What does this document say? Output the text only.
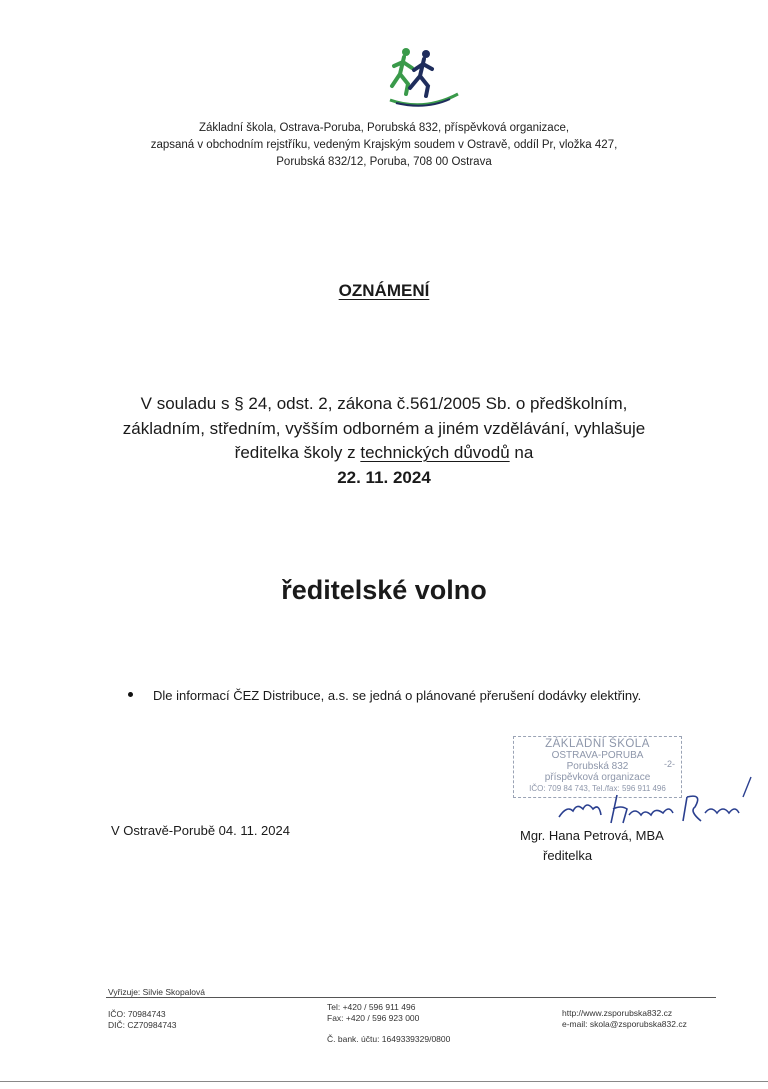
Základní škola, Ostrava-Poruba, Porubská 832, příspěvková organizace,
zapsaná v obchodním rejstříku, vedeným Krajským soudem v Ostravě, oddíl Pr, vložka 427,
Porubská 832/12, Poruba, 708 00 Ostrava
OZNÁMENÍ
V souladu s § 24, odst. 2, zákona č.561/2005 Sb. o předškolním,
základním, středním, vyšším odborném a jiném vzdělávání, vyhlašuje
ředitelka školy z technických důvodů na
22. 11. 2024
ředitelské volno
Dle informací ČEZ Distribuce, a.s. se jedná o plánované přerušení dodávky elektřiny.
ZÁKLADNÍ ŠKOLA
OSTRAVA-PORUBA
Porubská 832
příspěvková organizace
IČO: 709 84 743, Tel./fax: 596 911 496
-2-
V Ostravě-Porubě 04. 11. 2024	Mgr. Hana Petrová, MBA
ředitelka
Vyřizuje: Silvie Skopalová
IČO: 70984743
DIČ: CZ70984743
Tel: +420 / 596 911 496
Fax: +420 / 596 923 000
Č. bank. účtu: 1649339329/0800
http://www.zsporubska832.cz
e-mail: skola@zsporubska832.cz
